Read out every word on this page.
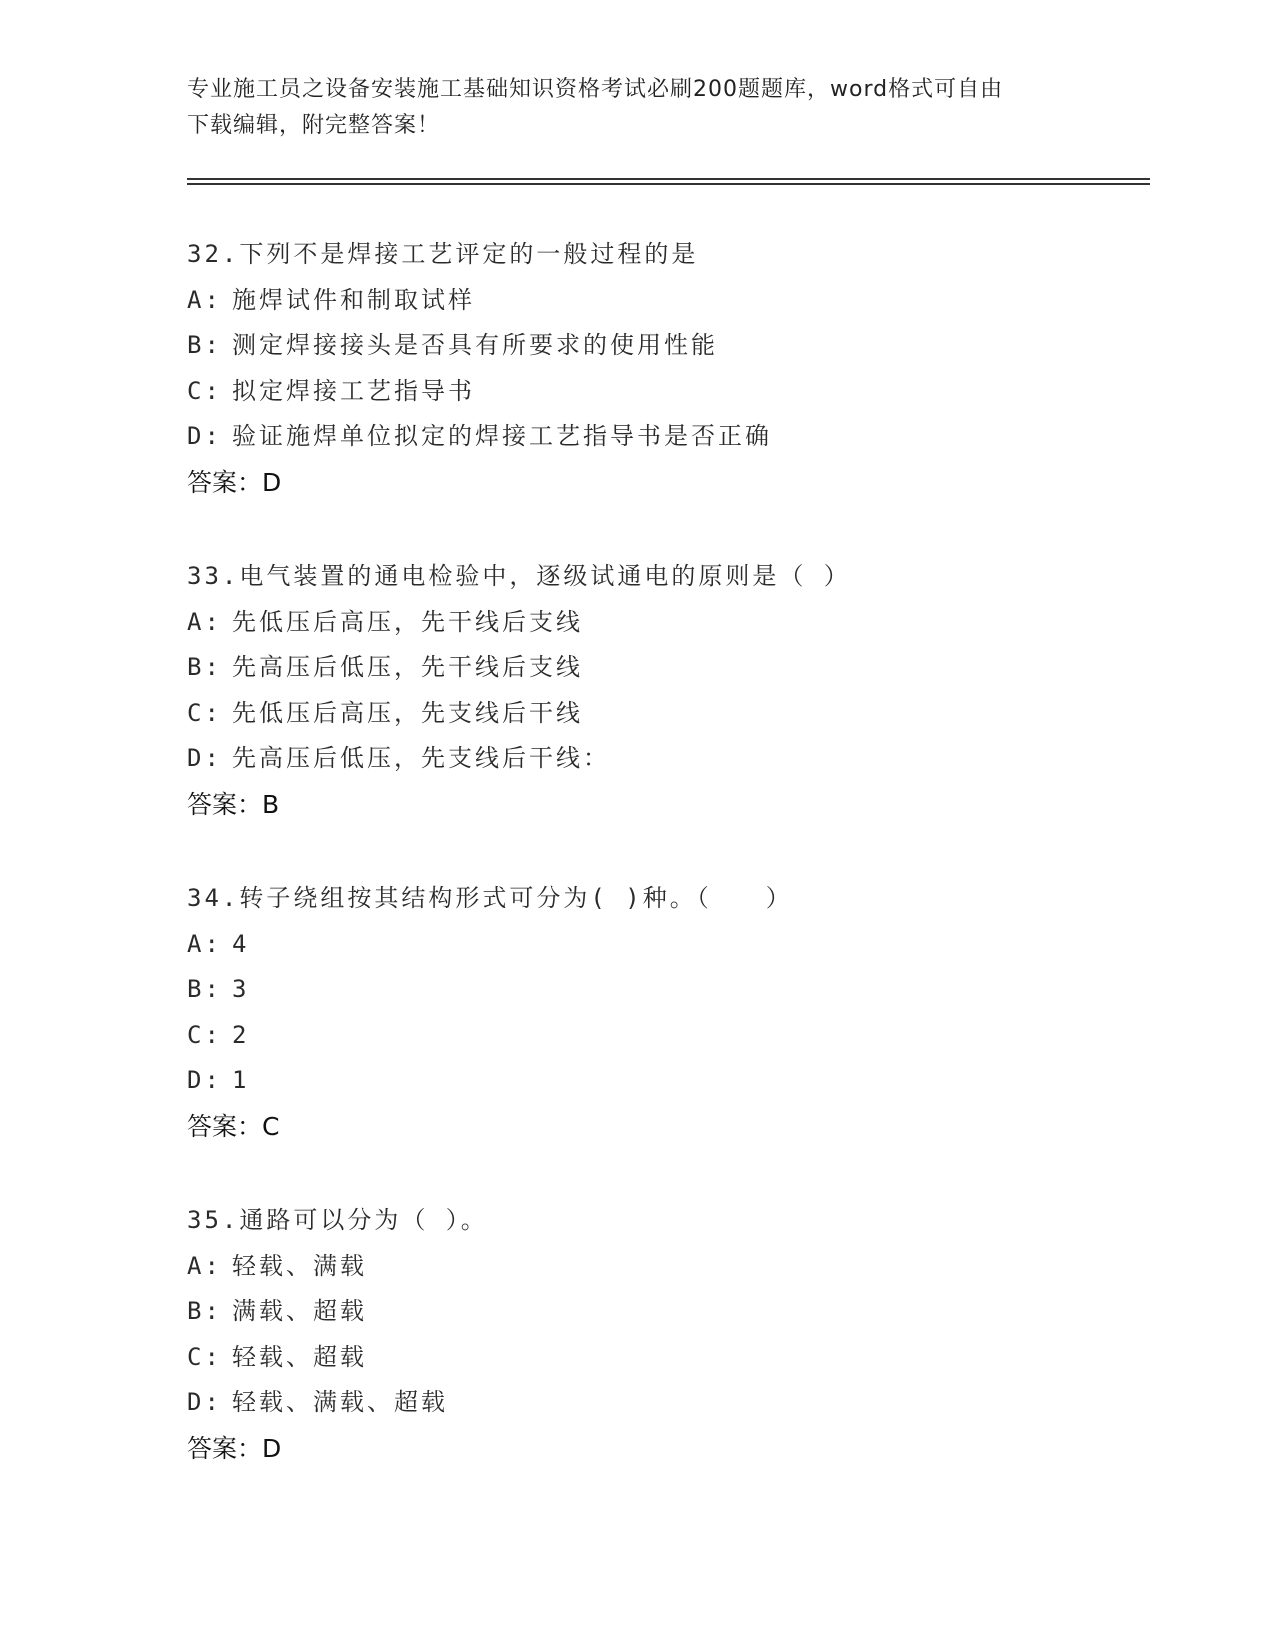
专业施工员之设备安装施工基础知识资格考试必刷200题题库，word格式可自由
下载编辑，附完整答案！
32.下列不是焊接工艺评定的一般过程的是
A: 施焊试件和制取试样
B: 测定焊接接头是否具有所要求的使用性能
C: 拟定焊接工艺指导书
D: 验证施焊单位拟定的焊接工艺指导书是否正确
答案：D
33.电气装置的通电检验中，逐级试通电的原则是（ ）
A: 先低压后高压，先干线后支线
B: 先高压后低压，先干线后支线
C: 先低压后高压，先支线后干线
D: 先高压后低压，先支线后干线：
答案：B
34.转子绕组按其结构形式可分为( )种。（　　）
A: 4
B: 3
C: 2
D: 1
答案：C
35.通路可以分为（ ）。
A: 轻载、满载
B: 满载、超载
C: 轻载、超载
D: 轻载、满载、超载
答案：D
